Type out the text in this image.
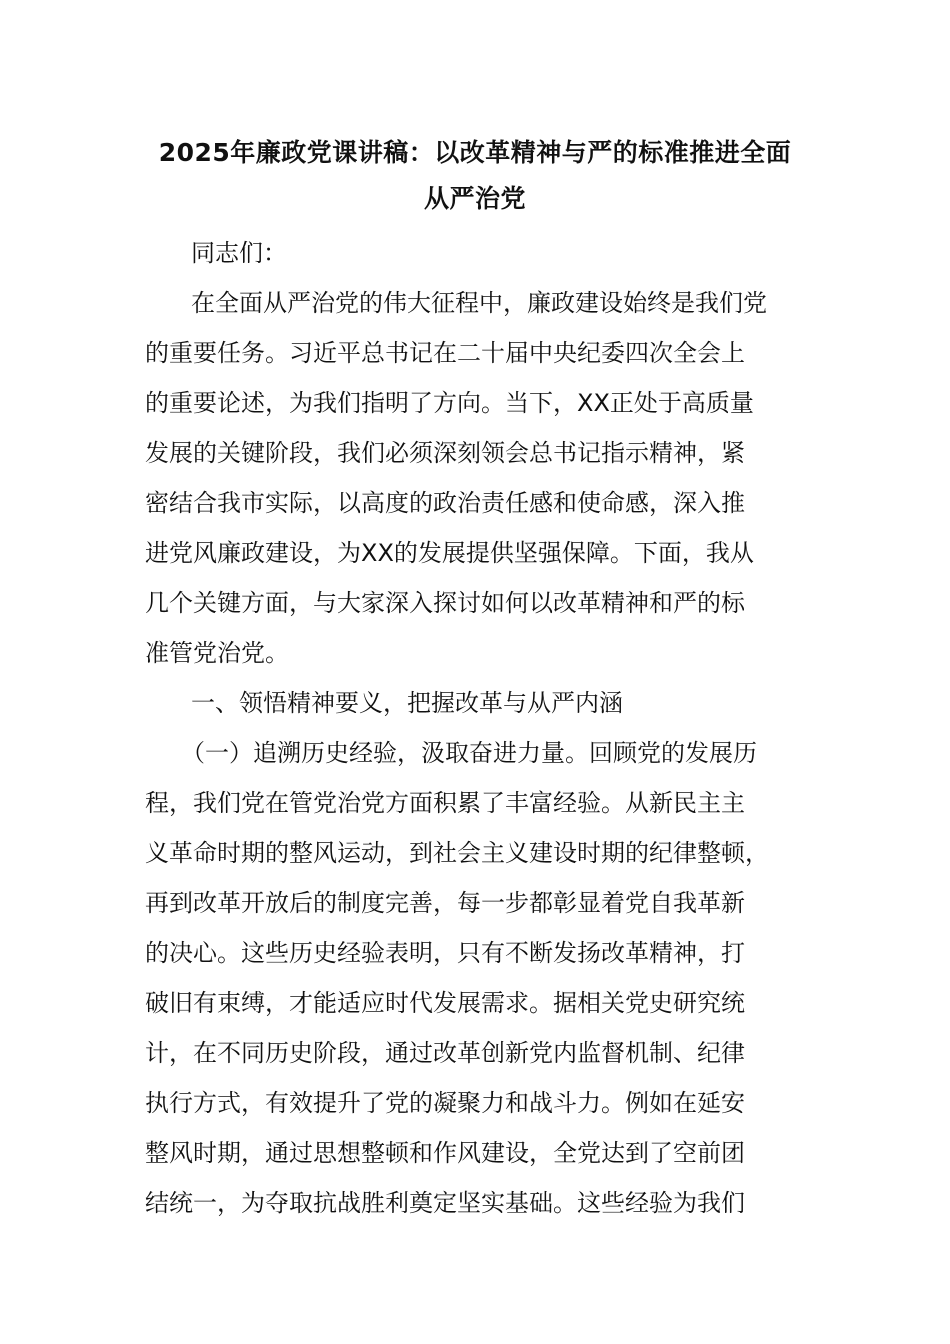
2025年廉政党课讲稿：以改革精神与严的标准推进全面
从严治党
同志们：
在全面从严治党的伟大征程中，廉政建设始终是我们党
的重要任务。习近平总书记在二十届中央纪委四次全会上
的重要论述，为我们指明了方向。当下，XX正处于高质量
发展的关键阶段，我们必须深刻领会总书记指示精神，紧
密结合我市实际，以高度的政治责任感和使命感，深入推
进党风廉政建设，为XX的发展提供坚强保障。下面，我从
几个关键方面，与大家深入探讨如何以改革精神和严的标
准管党治党。
一、领悟精神要义，把握改革与从严内涵
（一）追溯历史经验，汲取奋进力量。回顾党的发展历
程，我们党在管党治党方面积累了丰富经验。从新民主主
义革命时期的整风运动，到社会主义建设时期的纪律整顿，
再到改革开放后的制度完善，每一步都彰显着党自我革新
的决心。这些历史经验表明，只有不断发扬改革精神，打
破旧有束缚，才能适应时代发展需求。据相关党史研究统
计，在不同历史阶段，通过改革创新党内监督机制、纪律
执行方式，有效提升了党的凝聚力和战斗力。例如在延安
整风时期，通过思想整顿和作风建设，全党达到了空前团
结统一，为夺取抗战胜利奠定坚实基础。这些经验为我们
